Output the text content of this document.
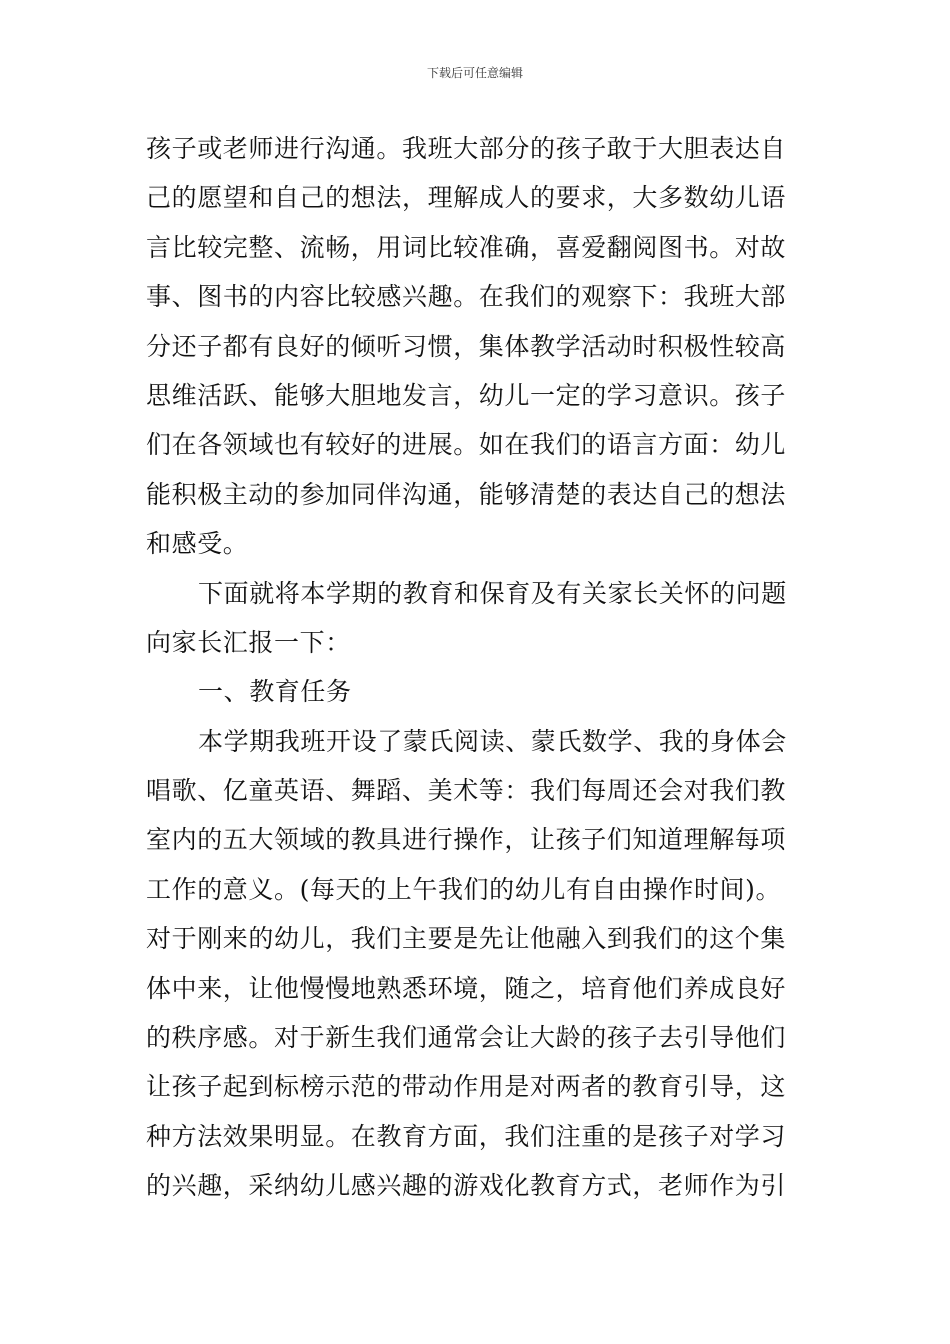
下载后可任意编辑
孩子或老师进行沟通。我班大部分的孩子敢于大胆表达自
己的愿望和自己的想法，理解成人的要求，大多数幼儿语
言比较完整、流畅，用词比较准确，喜爱翻阅图书。对故
事、图书的内容比较感兴趣。在我们的观察下：我班大部
分还子都有良好的倾听习惯，集体教学活动时积极性较高
思维活跃、能够大胆地发言，幼儿一定的学习意识。孩子
们在各领域也有较好的进展。如在我们的语言方面：幼儿
能积极主动的参加同伴沟通，能够清楚的表达自己的想法
和感受。
下面就将本学期的教育和保育及有关家长关怀的问题
向家长汇报一下：
一、教育任务
本学期我班开设了蒙氏阅读、蒙氏数学、我的身体会
唱歌、亿童英语、舞蹈、美术等：我们每周还会对我们教
室内的五大领域的教具进行操作，让孩子们知道理解每项
工作的意义。(每天的上午我们的幼儿有自由操作时间)。
对于刚来的幼儿，我们主要是先让他融入到我们的这个集
体中来，让他慢慢地熟悉环境，随之，培育他们养成良好
的秩序感。对于新生我们通常会让大龄的孩子去引导他们
让孩子起到标榜示范的带动作用是对两者的教育引导，这
种方法效果明显。在教育方面，我们注重的是孩子对学习
的兴趣，采纳幼儿感兴趣的游戏化教育方式，老师作为引
